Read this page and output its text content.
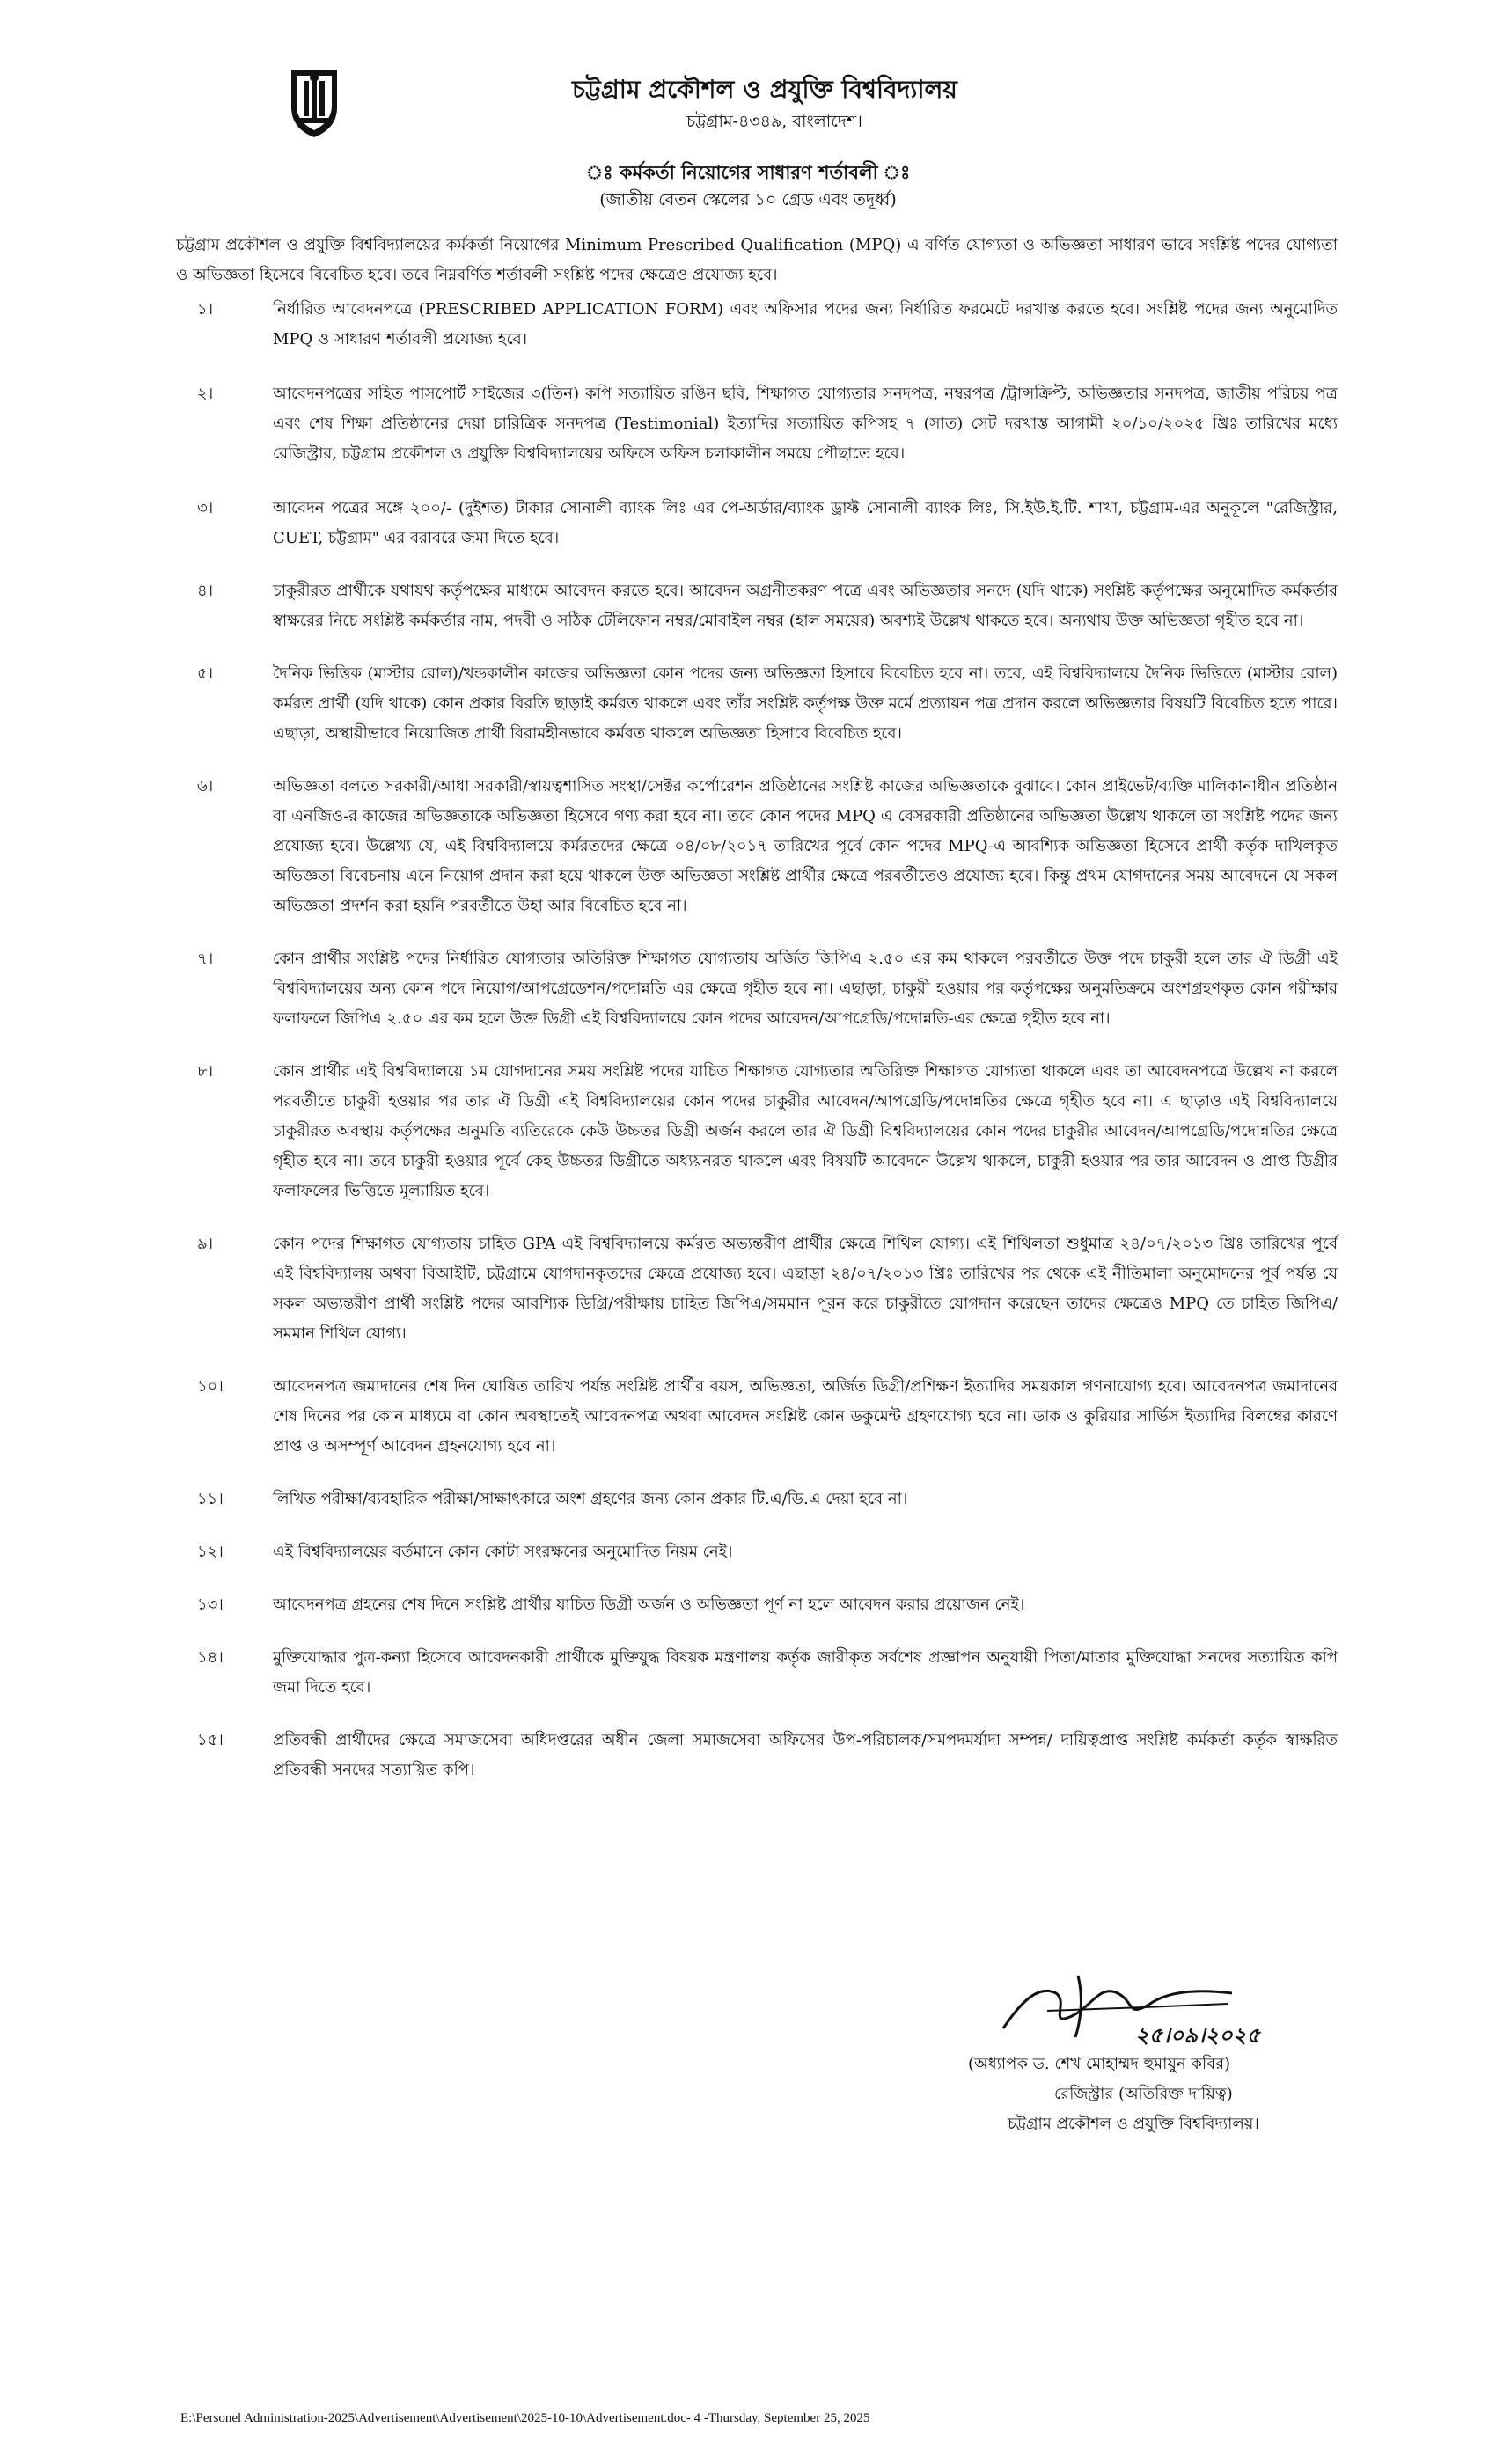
চট্টগ্রাম প্রকৌশল ও প্রযুক্তি বিশ্ববিদ্যালয়
চট্টগ্রাম-৪৩৪৯, বাংলাদেশ।

ঃ কর্মকর্তা নিয়োগের সাধারণ শর্তাবলী ঃ

(জাতীয় বেতন স্কেলের ১০ গ্রেড এবং তদূর্ধ্ব)

চট্টগ্রাম প্রকৌশল ও প্রযুক্তি বিশ্ববিদ্যালয়ের কর্মকর্তা নিয়োগের Minimum Prescribed Qualification (MPQ) এ বর্ণিত যোগ্যতা ও অভিজ্ঞতা সাধারণ ভাবে সংশ্লিষ্ট পদের যোগ্যতা ও অভিজ্ঞতা হিসেবে বিবেচিত হবে। তবে নিম্নবর্ণিত শর্তাবলী সংশ্লিষ্ট পদের ক্ষেত্রেও প্রযোজ্য হবে।
১।	নির্ধারিত আবেদনপত্রে (PRESCRIBED APPLICATION FORM) এবং অফিসার পদের জন্য নির্ধারিত ফরমেটে দরখাস্ত করতে হবে। সংশ্লিষ্ট পদের জন্য অনুমোদিত MPQ ও সাধারণ শর্তাবলী প্রযোজ্য হবে।
২।	আবেদনপত্রের সহিত পাসপোর্ট সাইজের ৩(তিন) কপি সত্যায়িত রঙিন ছবি, শিক্ষাগত যোগ্যতার সনদপত্র, নম্বরপত্র /ট্রান্সক্রিপ্ট, অভিজ্ঞতার সনদপত্র, জাতীয় পরিচয় পত্র এবং শেষ শিক্ষা প্রতিষ্ঠানের দেয়া চারিত্রিক সনদপত্র (Testimonial) ইত্যাদির সত্যায়িত কপিসহ ৭ (সাত) সেট দরখাস্ত আগামী ২০/১০/২০২৫ খ্রিঃ তারিখের মধ্যে রেজিস্ট্রার, চট্টগ্রাম প্রকৌশল ও প্রযুক্তি বিশ্ববিদ্যালয়ের অফিসে অফিস চলাকালীন সময়ে পৌছাতে হবে।
৩।	আবেদন পত্রের সঙ্গে ২০০/- (দুইশত) টাকার সোনালী ব্যাংক লিঃ এর পে-অর্ডার/ব্যাংক ড্রাফ্ট সোনালী ব্যাংক লিঃ, সি.ইউ.ই.টি. শাখা, চট্টগ্রাম-এর অনুকূলে "রেজিস্ট্রার, CUET, চট্টগ্রাম" এর বরাবরে জমা দিতে হবে।
৪।	চাকুরীরত প্রার্থীকে যথাযথ কর্তৃপক্ষের মাধ্যমে আবেদন করতে হবে। আবেদন অগ্রনীতকরণ পত্রে এবং অভিজ্ঞতার সনদে (যদি থাকে) সংশ্লিষ্ট কর্তৃপক্ষের অনুমোদিত কর্মকর্তার স্বাক্ষরের নিচে সংশ্লিষ্ট কর্মকর্তার নাম, পদবী ও সঠিক টেলিফোন নম্বর/মোবাইল নম্বর (হাল সময়ের) অবশ্যই উল্লেখ থাকতে হবে। অন্যথায় উক্ত অভিজ্ঞতা গৃহীত হবে না।
৫।	দৈনিক ভিত্তিক (মাস্টার রোল)/খন্ডকালীন কাজের অভিজ্ঞতা কোন পদের জন্য অভিজ্ঞতা হিসাবে বিবেচিত হবে না। তবে, এই বিশ্ববিদ্যালয়ে দৈনিক ভিত্তিতে (মাস্টার রোল) কর্মরত প্রার্থী (যদি থাকে) কোন প্রকার বিরতি ছাড়াই কর্মরত থাকলে এবং তাঁর সংশ্লিষ্ট কর্তৃপক্ষ উক্ত মর্মে প্রত্যায়ন পত্র প্রদান করলে অভিজ্ঞতার বিষয়টি বিবেচিত হতে পারে। এছাড়া, অস্থায়ীভাবে নিয়োজিত প্রার্থী বিরামহীনভাবে কর্মরত থাকলে অভিজ্ঞতা হিসাবে বিবেচিত হবে।
৬।	অভিজ্ঞতা বলতে সরকারী/আধা সরকারী/স্বায়ত্বশাসিত সংস্থা/সেক্টর কর্পোরেশন প্রতিষ্ঠানের সংশ্লিষ্ট কাজের অভিজ্ঞতাকে বুঝাবে। কোন প্রাইভেট/ব্যক্তি মালিকানাধীন প্রতিষ্ঠান বা এনজিও-র কাজের অভিজ্ঞতাকে অভিজ্ঞতা হিসেবে গণ্য করা হবে না। তবে কোন পদের MPQ এ বেসরকারী প্রতিষ্ঠানের অভিজ্ঞতা উল্লেখ থাকলে তা সংশ্লিষ্ট পদের জন্য প্রযোজ্য হবে। উল্লেখ্য যে, এই বিশ্ববিদ্যালয়ে কর্মরতদের ক্ষেত্রে ০৪/০৮/২০১৭ তারিখের পূর্বে কোন পদের MPQ-এ আবশ্যিক অভিজ্ঞতা হিসেবে প্রার্থী কর্তৃক দাখিলকৃত অভিজ্ঞতা বিবেচনায় এনে নিয়োগ প্রদান করা হয়ে থাকলে উক্ত অভিজ্ঞতা সংশ্লিষ্ট প্রার্থীর ক্ষেত্রে পরবর্তীতেও প্রযোজ্য হবে। কিন্তু প্রথম যোগদানের সময় আবেদনে যে সকল অভিজ্ঞতা প্রদর্শন করা হয়নি পরবর্তীতে উহা আর বিবেচিত হবে না।
৭।	কোন প্রার্থীর সংশ্লিষ্ট পদের নির্ধারিত যোগ্যতার অতিরিক্ত শিক্ষাগত যোগ্যতায় অর্জিত জিপিএ ২.৫০ এর কম থাকলে পরবর্তীতে উক্ত পদে চাকুরী হলে তার ঐ ডিগ্রী এই বিশ্ববিদ্যালয়ের অন্য কোন পদে নিয়োগ/আপগ্রেডেশন/পদোন্নতি এর ক্ষেত্রে গৃহীত হবে না। এছাড়া, চাকুরী হওয়ার পর কর্তৃপক্ষের অনুমতিক্রমে অংশগ্রহণকৃত কোন পরীক্ষার ফলাফলে জিপিএ ২.৫০ এর কম হলে উক্ত ডিগ্রী এই বিশ্ববিদ্যালয়ে কোন পদের আবেদন/আপগ্রেডি/পদোন্নতি-এর ক্ষেত্রে গৃহীত হবে না।
৮।	কোন প্রার্থীর এই বিশ্ববিদ্যালয়ে ১ম যোগদানের সময় সংশ্লিষ্ট পদের যাচিত শিক্ষাগত যোগ্যতার অতিরিক্ত শিক্ষাগত যোগ্যতা থাকলে এবং তা আবেদনপত্রে উল্লেখ না করলে পরবর্তীতে চাকুরী হওয়ার পর তার ঐ ডিগ্রী এই বিশ্ববিদ্যালয়ের কোন পদের চাকুরীর আবেদন/আপগ্রেডি/পদোন্নতির ক্ষেত্রে গৃহীত হবে না। এ ছাড়াও এই বিশ্ববিদ্যালয়ে চাকুরীরত অবস্থায় কর্তৃপক্ষের অনুমতি ব্যতিরেকে কেউ উচ্চতর ডিগ্রী অর্জন করলে তার ঐ ডিগ্রী বিশ্ববিদ্যালয়ের কোন পদের চাকুরীর আবেদন/আপগ্রেডি/পদোন্নতির ক্ষেত্রে গৃহীত হবে না। তবে চাকুরী হওয়ার পূর্বে কেহ উচ্চতর ডিগ্রীতে অধ্যয়নরত থাকলে এবং বিষয়টি আবেদনে উল্লেখ থাকলে, চাকুরী হওয়ার পর তার আবেদন ও প্রাপ্ত ডিগ্রীর ফলাফলের ভিত্তিতে মূল্যায়িত হবে।
৯।	কোন পদের শিক্ষাগত যোগ্যতায় চাহিত GPA এই বিশ্ববিদ্যালয়ে কর্মরত অভ্যন্তরীণ প্রার্থীর ক্ষেত্রে শিথিল যোগ্য। এই শিথিলতা শুধুমাত্র ২৪/০৭/২০১৩ খ্রিঃ তারিখের পূর্বে এই বিশ্ববিদ্যালয় অথবা বিআইটি, চট্টগ্রামে যোগদানকৃতদের ক্ষেত্রে প্রযোজ্য হবে। এছাড়া ২৪/০৭/২০১৩ খ্রিঃ তারিখের পর থেকে এই নীতিমালা অনুমোদনের পূর্ব পর্যন্ত যে সকল অভ্যন্তরীণ প্রার্থী সংশ্লিষ্ট পদের আবশ্যিক ডিগ্রি/পরীক্ষায় চাহিত জিপিএ/সমমান পূরন করে চাকুরীতে যোগদান করেছেন তাদের ক্ষেত্রেও MPQ তে চাহিত জিপিএ/সমমান শিথিল যোগ্য।
১০।	আবেদনপত্র জমাদানের শেষ দিন ঘোষিত তারিখ পর্যন্ত সংশ্লিষ্ট প্রার্থীর বয়স, অভিজ্ঞতা, অর্জিত ডিগ্রী/প্রশিক্ষণ ইত্যাদির সময়কাল গণনাযোগ্য হবে। আবেদনপত্র জমাদানের শেষ দিনের পর কোন মাধ্যমে বা কোন অবস্থাতেই আবেদনপত্র অথবা আবেদন সংশ্লিষ্ট কোন ডকুমেন্ট গ্রহণযোগ্য হবে না। ডাক ও কুরিয়ার সার্ভিস ইত্যাদির বিলম্বের কারণে প্রাপ্ত ও অসম্পূর্ণ আবেদন গ্রহনযোগ্য হবে না।
১১।	লিখিত পরীক্ষা/ব্যবহারিক পরীক্ষা/সাক্ষাৎকারে অংশ গ্রহণের জন্য কোন প্রকার টি.এ/ডি.এ দেয়া হবে না।
১২।	এই বিশ্ববিদ্যালয়ের বর্তমানে কোন কোটা সংরক্ষনের অনুমোদিত নিয়ম নেই।
১৩।	আবেদনপত্র গ্রহনের শেষ দিনে সংশ্লিষ্ট প্রার্থীর যাচিত ডিগ্রী অর্জন ও অভিজ্ঞতা পূর্ণ না হলে আবেদন করার প্রয়োজন নেই।
১৪।	মুক্তিযোদ্ধার পুত্র-কন্যা হিসেবে আবেদনকারী প্রার্থীকে মুক্তিযুদ্ধ বিষয়ক মন্ত্রণালয় কর্তৃক জারীকৃত সর্বশেষ প্রজ্ঞাপন অনুযায়ী পিতা/মাতার মুক্তিযোদ্ধা সনদের সত্যায়িত কপি জমা দিতে হবে।
১৫।	প্রতিবন্ধী প্রার্থীদের ক্ষেত্রে সমাজসেবা অধিদপ্তরের অধীন জেলা সমাজসেবা অফিসের উপ-পরিচালক/সমপদমর্যাদা সম্পন্ন/ দায়িত্বপ্রাপ্ত সংশ্লিষ্ট কর্মকর্তা কর্তৃক স্বাক্ষরিত প্রতিবন্ধী সনদের সত্যায়িত কপি।
২৫।০৯।২০২৫
(অধ্যাপক ড. শেখ মোহাম্মদ হুমায়ুন কবির)
রেজিস্ট্রার (অতিরিক্ত দায়িত্ব)
চট্টগ্রাম প্রকৌশল ও প্রযুক্তি বিশ্ববিদ্যালয়।
E:\Personel Administration-2025\Advertisement\Advertisement\2025-10-10\Advertisement.doc- 4 -Thursday, September 25, 2025
